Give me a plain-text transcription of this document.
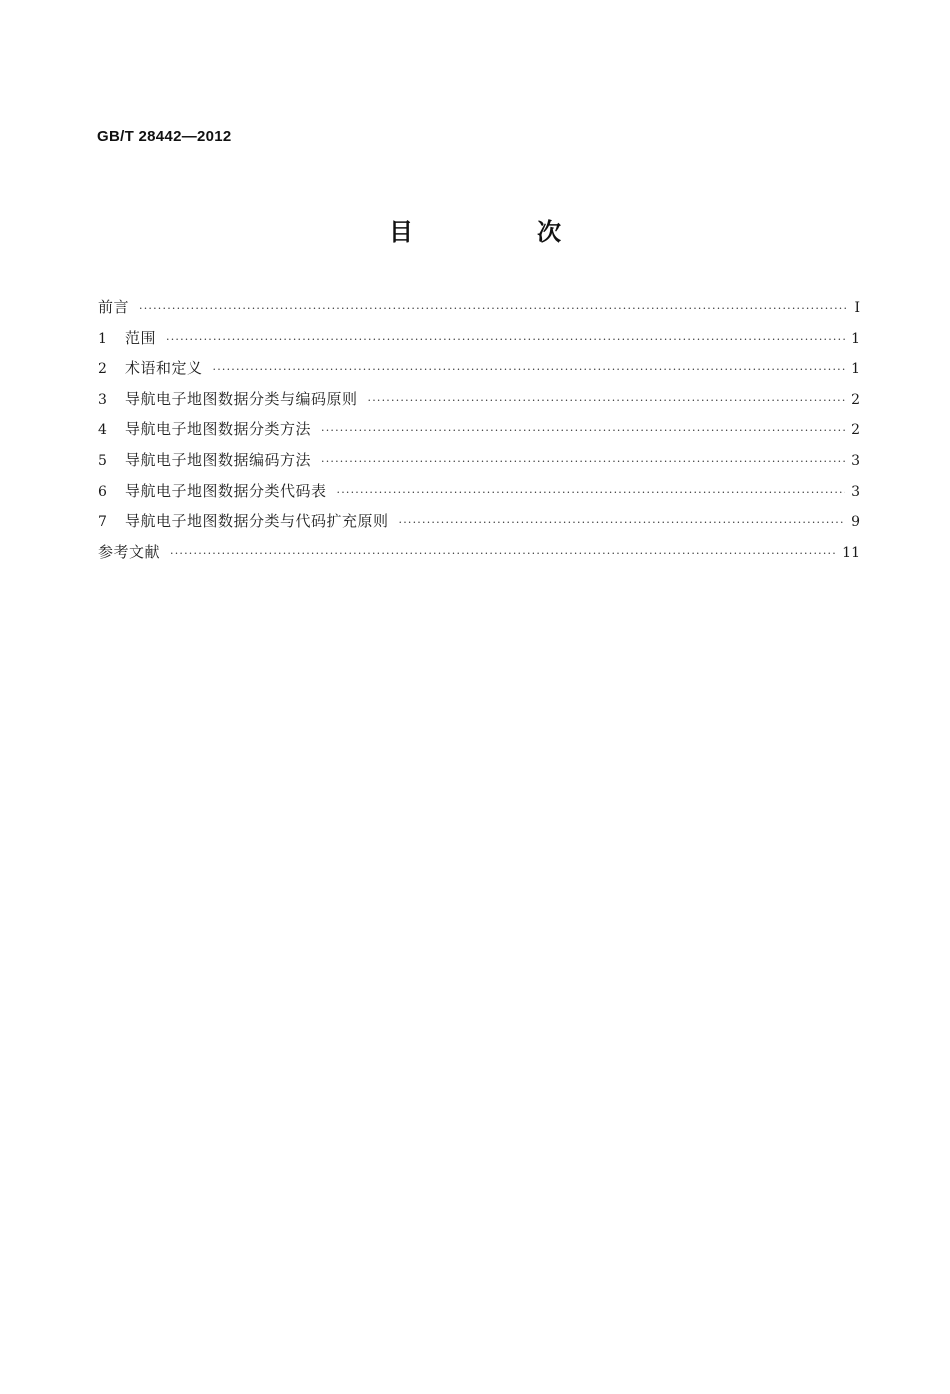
GB/T 28442—2012
目　次
前言 ·····	Ⅰ
1	范围 ·····	1
2	术语和定义 ·····	1
3	导航电子地图数据分类与编码原则 ·····	2
4	导航电子地图数据分类方法 ·····	2
5	导航电子地图数据编码方法 ·····	3
6	导航电子地图数据分类代码表 ·····	3
7	导航电子地图数据分类与代码扩充原则 ·····	9
参考文献 ·····	11
